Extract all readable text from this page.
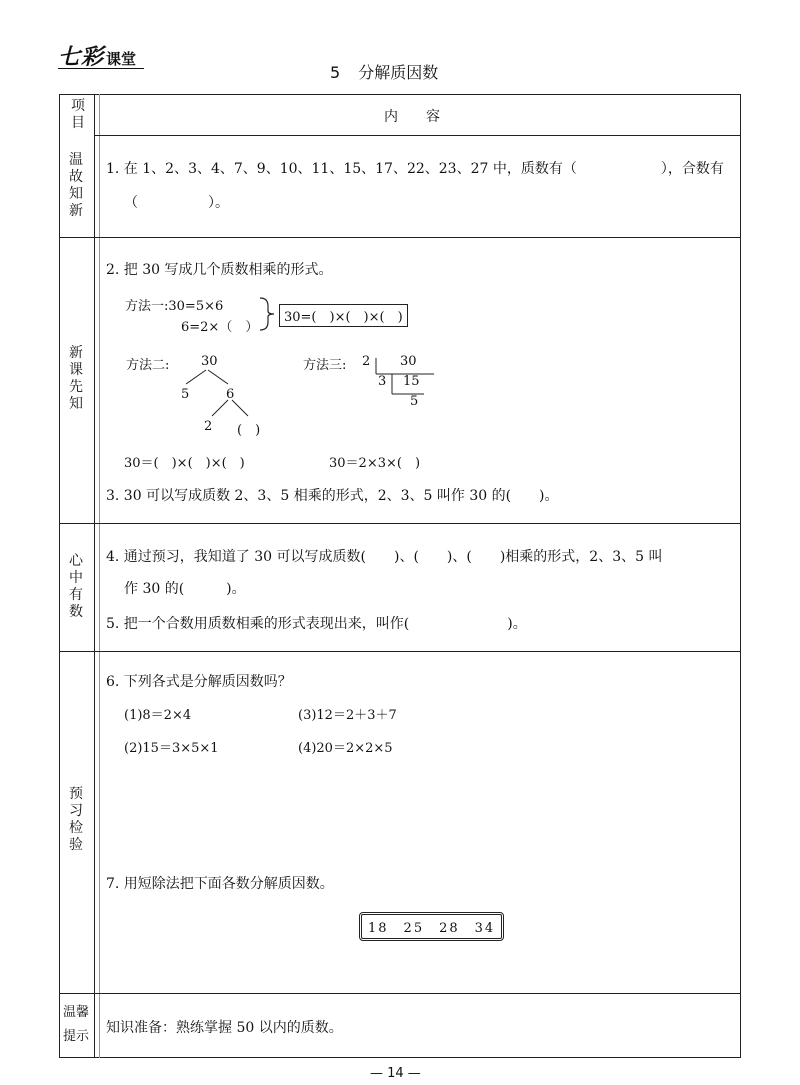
七彩 课堂
5 分解质因数
项目	内　　容
温
故
知
新
1. 在 1、2、3、4、7、9、10、11、15、17、22、23、27 中，质数有（　　　　　　），合数有
（　　　　　）。
新
课
先
知
2. 把 30 写成几个质数相乘的形式。
方法一:30=5×6
6=2×（　）
30=(　)×(　)×(　)
方法二: 30
5	6
2 (　)
方法三: 2 30
3 15
5
30＝(　)×(　)×(　)	30＝2×3×(　)
3. 30 可以写成质数 2、3、5 相乘的形式，2、3、5 叫作 30 的(　　)。
心
中
有
数
4. 通过预习，我知道了 30 可以写成质数(　　)、(　　)、(　　)相乘的形式，2、3、5 叫
作 30 的(　　　)。
5. 把一个合数用质数相乘的形式表现出来，叫作(　　　　　　　)。
预
习
检
验
6. 下列各式是分解质因数吗？
(1)8＝2×4	(3)12＝2＋3＋7
(2)15＝3×5×1	(4)20＝2×2×5
7. 用短除法把下面各数分解质因数。
18　25　28　34
温馨
提示
知识准备：熟练掌握 50 以内的质数。
— 14 —
